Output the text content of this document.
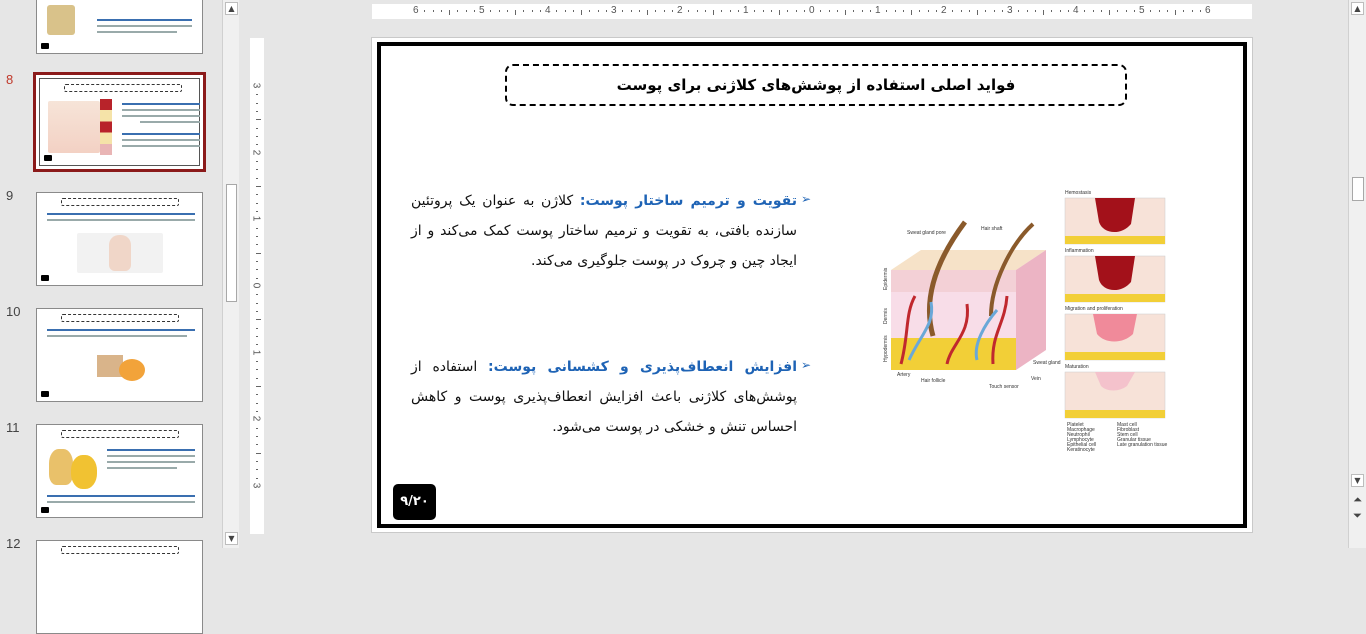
8
9
10
11
12
▲
▼
6	5	4	3	2	1	0	1	2	3	4	5	6
3
2
1
0
1
2
3
فواید اصلی استفاده از پوشش‌های کلاژنی برای پوست
➢
تقویت و ترمیم ساختار پوست: کلاژن به عنوان یک پروتئین سازنده بافتی، به تقویت و ترمیم ساختار پوست کمک می‌کند و از ایجاد چین و چروک در پوست جلوگیری می‌کند.
➢
افزایش انعطاف‌پذیری و کشسانی پوست: استفاده از پوشش‌های کلاژنی باعث افزایش انعطاف‌پذیری پوست و کاهش احساس تنش و خشکی در پوست می‌شود.
Sweat gland pore
Hair shaft
Epidermis
Dermis
Hypodermis
Artery
Hair follicle
Touch sensor
Vein
Sweat gland
Hemostasis
Inflammation
Migration and proliferation
Maturation
Platelet	Mast cell
Macrophage	Fibroblast
Neutrophil	Stem cell
Lymphocyte	Granular tissue
Epithelial cell	Late granulation tissue
Keratinocyte
۹/۲۰
▲
▼
⏶
⏷
